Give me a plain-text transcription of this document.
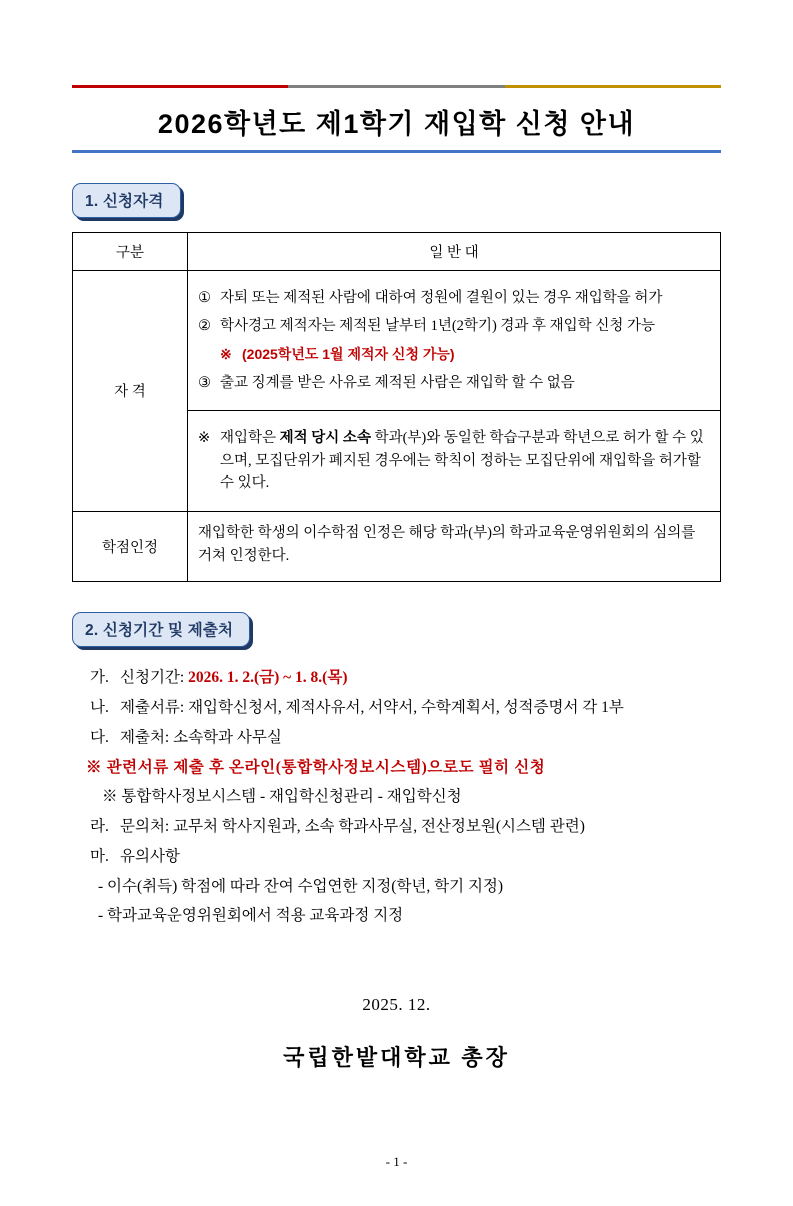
2026학년도 제1학기 재입학 신청 안내
1. 신청자격
구분	일 반 대
자 격	
① 자퇴 또는 제적된 사람에 대하여 정원에 결원이 있는 경우 재입학을 허가
② 학사경고 제적자는 제적된 날부터 1년(2학기) 경과 후 재입학 신청 가능
※ (2025학년도 1월 제적자 신청 가능)
③ 출교 징계를 받은 사유로 제적된 사람은 재입학 할 수 없음
※ 재입학은 제적 당시 소속 학과(부)와 동일한 학습구분과 학년으로 허가 할 수 있으며, 모집단위가 폐지된 경우에는 학칙이 정하는 모집단위에 재입학을 허가할 수 있다.

학점인정	재입학한 학생의 이수학점 인정은 해당 학과(부)의 학과교육운영위원회의 심의를 거쳐 인정한다.
2. 신청기간 및 제출처
가. 신청기간: 2026. 1. 2.(금) ~ 1. 8.(목)
나. 제출서류: 재입학신청서, 제적사유서, 서약서, 수학계획서, 성적증명서 각 1부
다. 제출처: 소속학과 사무실
※ 관련서류 제출 후 온라인(통합학사정보시스템)으로도 필히 신청
※ 통합학사정보시스템 - 재입학신청관리 - 재입학신청
라. 문의처: 교무처 학사지원과, 소속 학과사무실, 전산정보원(시스템 관련)
마. 유의사항
- 이수(취득) 학점에 따라 잔여 수업연한 지정(학년, 학기 지정)
- 학과교육운영위원회에서 적용 교육과정 지정
2025. 12.
국립한밭대학교 총장
- 1 -
